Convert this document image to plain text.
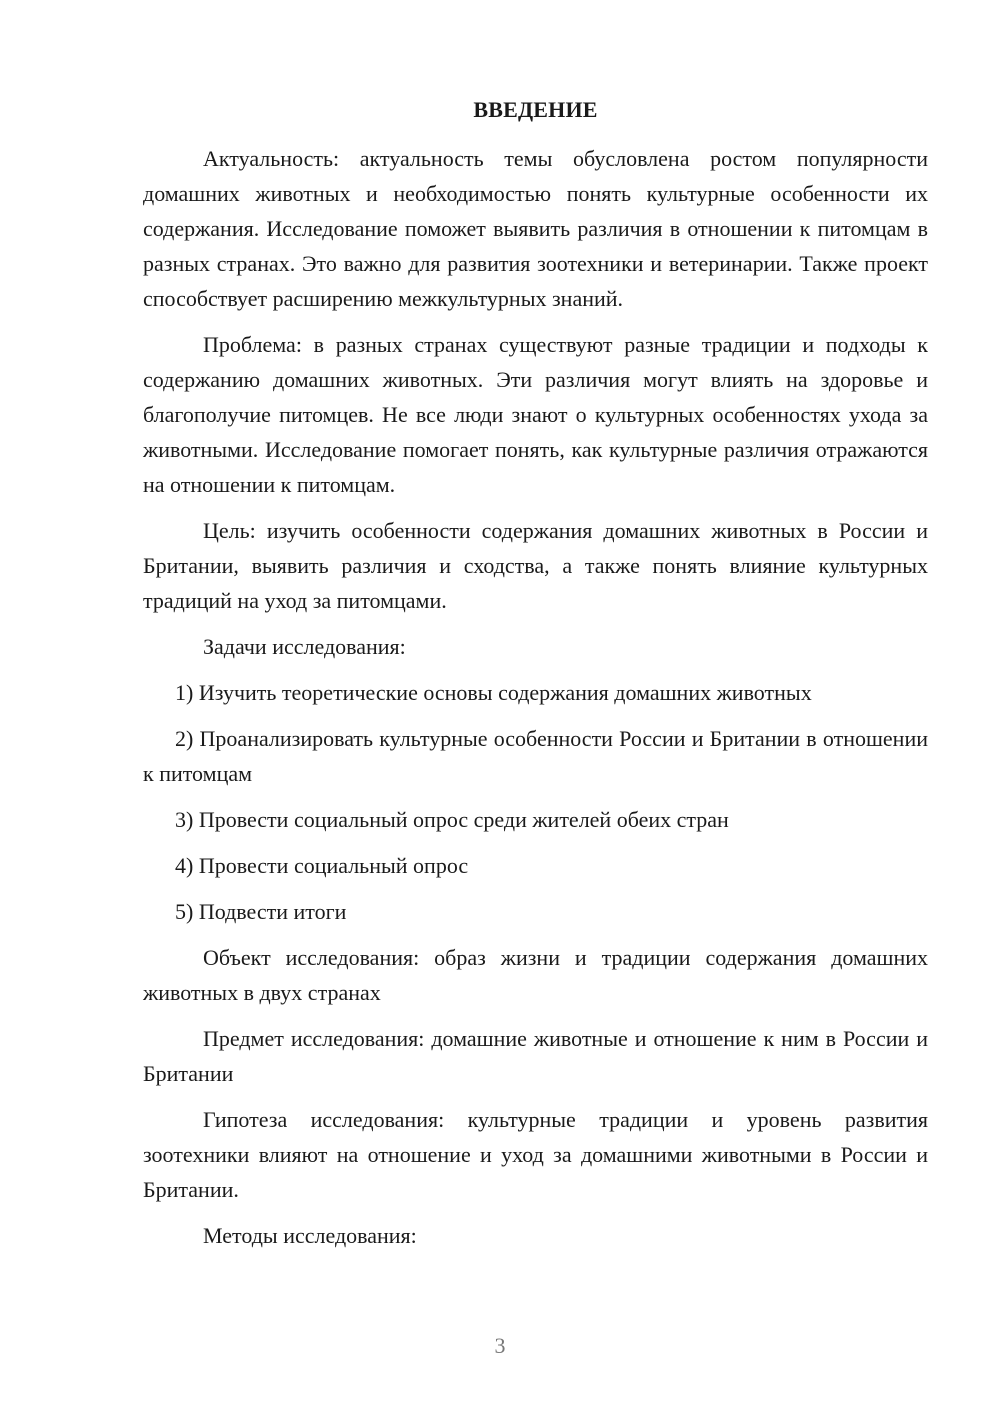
ВВЕДЕНИЕ

Актуальность: актуальность темы обусловлена ростом популярности домашних животных и необходимостью понять культурные особенности их содержания. Исследование поможет выявить различия в отношении к питомцам в разных странах. Это важно для развития зоотехники и ветеринарии. Также проект способствует расширению межкультурных знаний.

Проблема: в разных странах существуют разные традиции и подходы к содержанию домашних животных. Эти различия могут влиять на здоровье и благополучие питомцев. Не все люди знают о культурных особенностях ухода за животными. Исследование помогает понять, как культурные различия отражаются на отношении к питомцам.

Цель: изучить особенности содержания домашних животных в России и Британии, выявить различия и сходства, а также понять влияние культурных традиций на уход за питомцами.

Задачи исследования:

1) Изучить теоретические основы содержания домашних животных

2) Проанализировать культурные особенности России и Британии в отношении к питомцам

3) Провести социальный опрос среди жителей обеих стран

4) Провести социальный опрос

5) Подвести итоги

Объект исследования: образ жизни и традиции содержания домашних животных в двух странах

Предмет исследования: домашние животные и отношение к ним в России и Британии

Гипотеза исследования: культурные традиции и уровень развития зоотехники влияют на отношение и уход за домашними животными в России и Британии.

Методы исследования:

3
